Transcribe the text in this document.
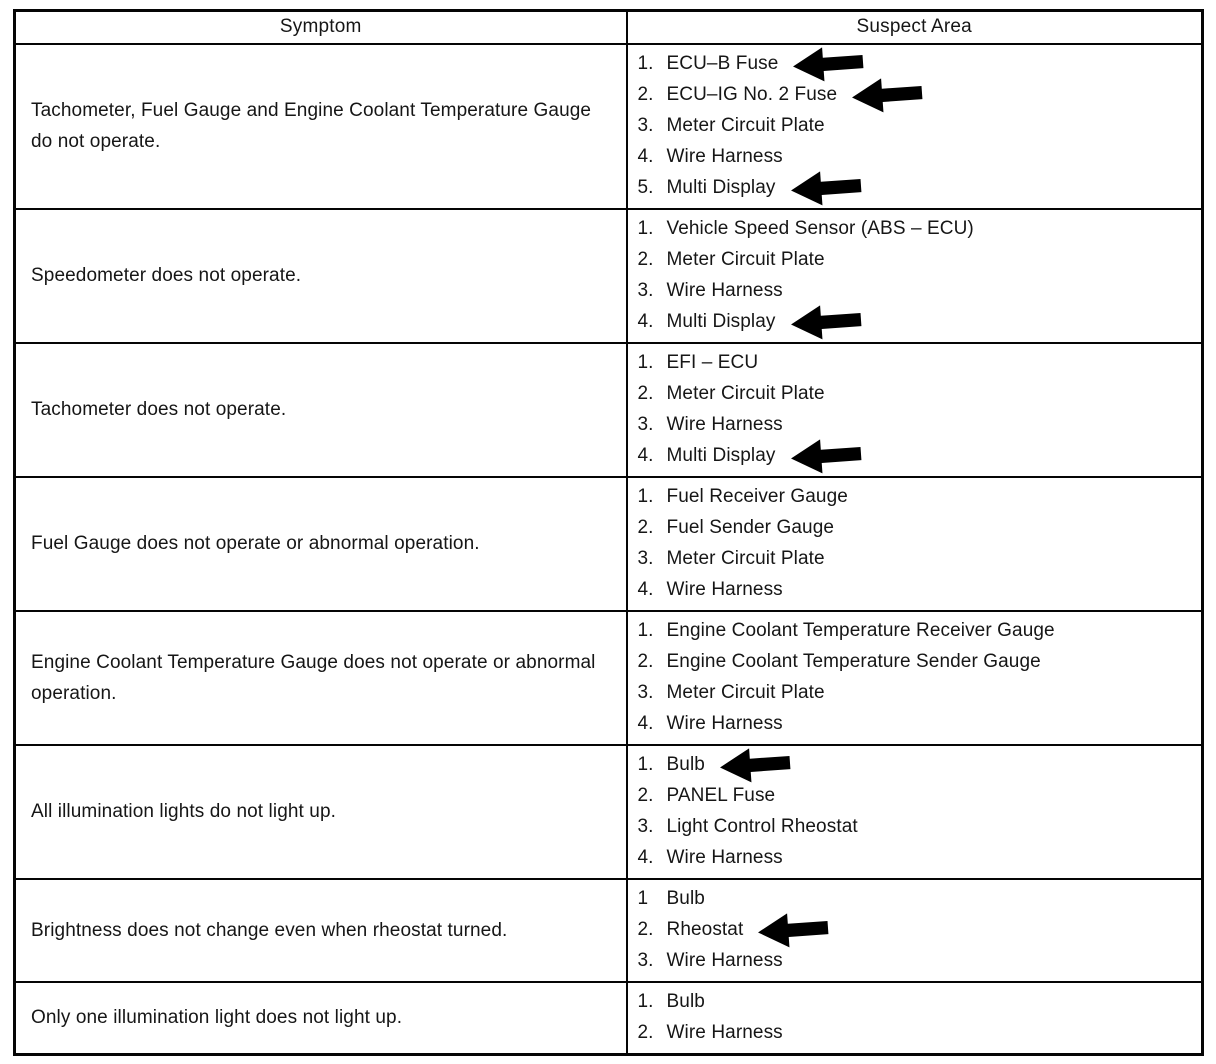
Symptom	Suspect Area
Tachometer, Fuel Gauge and Engine Coolant Temperature Gauge do not operate.	
1. ECU–B Fuse
2. ECU–IG No. 2 Fuse
3. Meter Circuit Plate
4. Wire Harness
5. Multi Display

Speedometer does not operate.	
1. Vehicle Speed Sensor (ABS – ECU)
2. Meter Circuit Plate
3. Wire Harness
4. Multi Display

Tachometer does not operate.	
1. EFI – ECU
2. Meter Circuit Plate
3. Wire Harness
4. Multi Display

Fuel Gauge does not operate or abnormal operation.	
1. Fuel Receiver Gauge
2. Fuel Sender Gauge
3. Meter Circuit Plate
4. Wire Harness

Engine Coolant Temperature Gauge does not operate or abnormal operation.	
1. Engine Coolant Temperature Receiver Gauge
2. Engine Coolant Temperature Sender Gauge
3. Meter Circuit Plate
4. Wire Harness

All illumination lights do not light up.	
1. Bulb
2. PANEL Fuse
3. Light Control Rheostat
4. Wire Harness

Brightness does not change even when rheostat turned.	
1 Bulb
2. Rheostat
3. Wire Harness

Only one illumination light does not light up.	1. Bulb
2. Wire Harness
